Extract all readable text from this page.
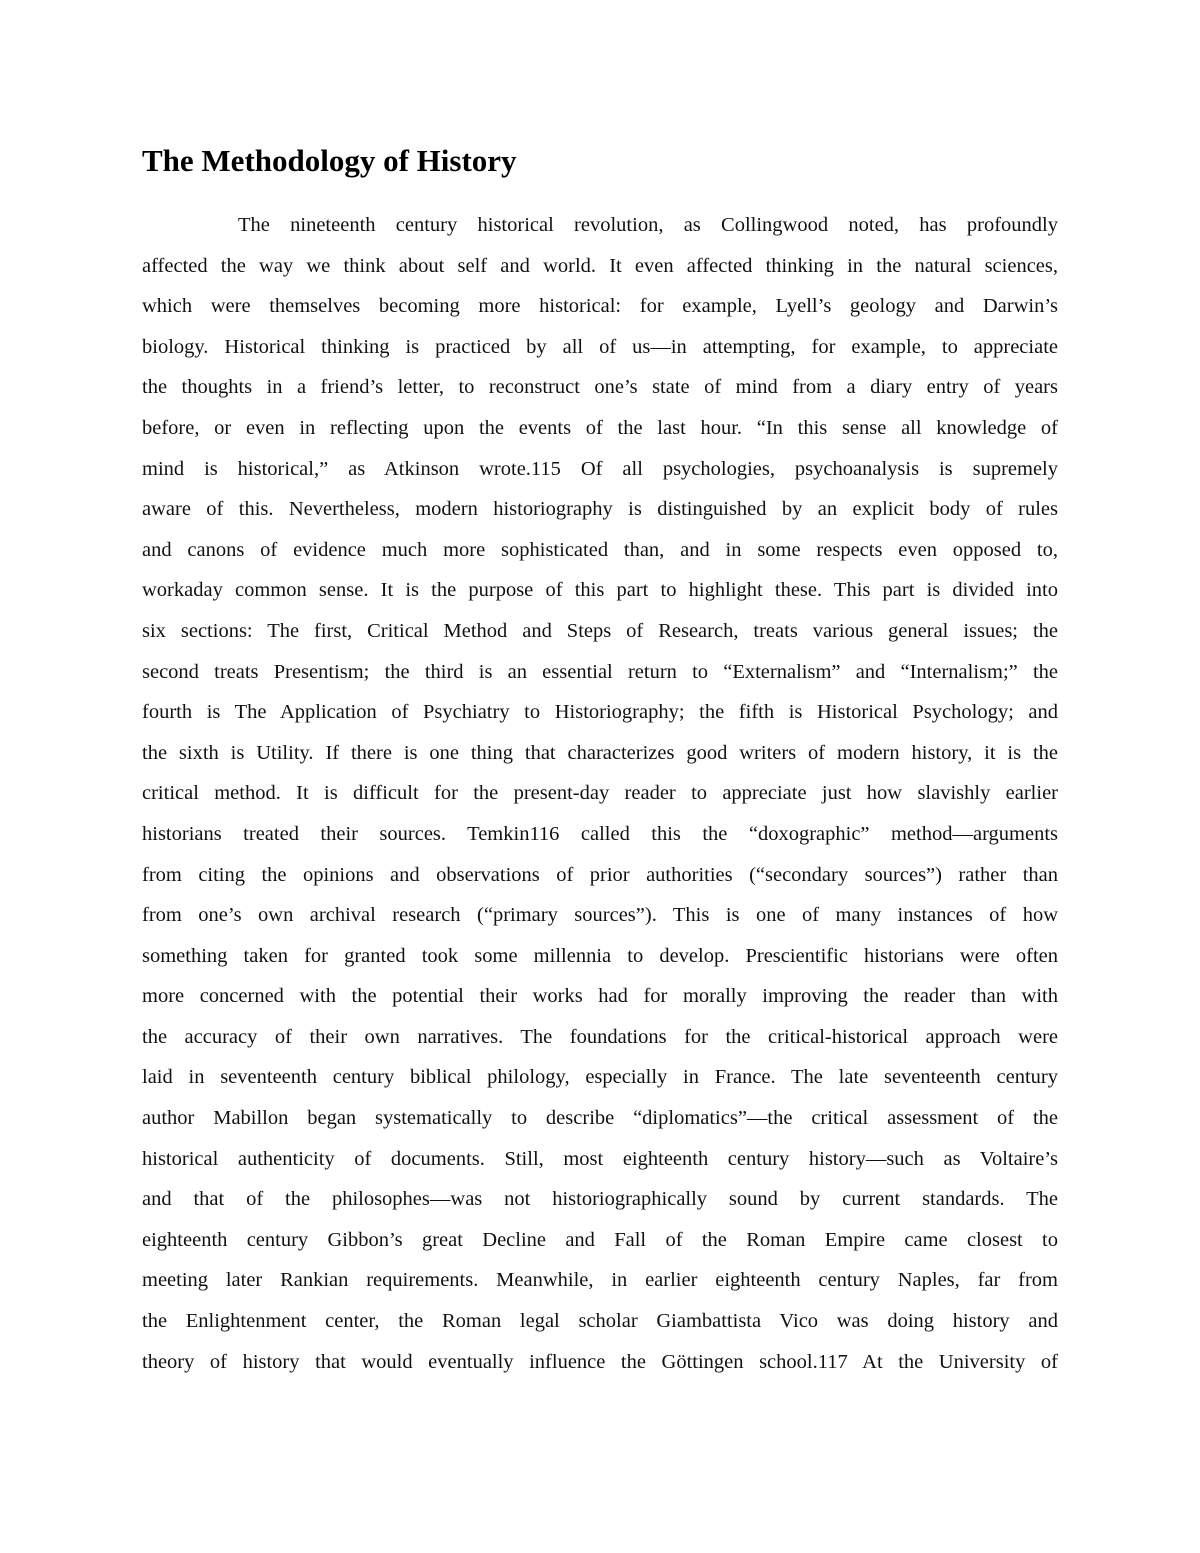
The Methodology of History
The nineteenth century historical revolution, as Collingwood noted, has profoundly
affected the way we think about self and world. It even affected thinking in the natural sciences,
which were themselves becoming more historical: for example, Lyell’s geology and Darwin’s
biology. Historical thinking is practiced by all of us—in attempting, for example, to appreciate
the thoughts in a friend’s letter, to reconstruct one’s state of mind from a diary entry of years
before, or even in reflecting upon the events of the last hour. “In this sense all knowledge of
mind is historical,” as Atkinson wrote.115 Of all psychologies, psychoanalysis is supremely
aware of this. Nevertheless, modern historiography is distinguished by an explicit body of rules
and canons of evidence much more sophisticated than, and in some respects even opposed to,
workaday common sense. It is the purpose of this part to highlight these. This part is divided into
six sections: The first, Critical Method and Steps of Research, treats various general issues; the
second treats Presentism; the third is an essential return to “Externalism” and “Internalism;” the
fourth is The Application of Psychiatry to Historiography; the fifth is Historical Psychology; and
the sixth is Utility. If there is one thing that characterizes good writers of modern history, it is the
critical method. It is difficult for the present-day reader to appreciate just how slavishly earlier
historians treated their sources. Temkin116 called this the “doxographic” method—arguments
from citing the opinions and observations of prior authorities (“secondary sources”) rather than
from one’s own archival research (“primary sources”). This is one of many instances of how
something taken for granted took some millennia to develop. Prescientific historians were often
more concerned with the potential their works had for morally improving the reader than with
the accuracy of their own narratives. The foundations for the critical-historical approach were
laid in seventeenth century biblical philology, especially in France. The late seventeenth century
author Mabillon began systematically to describe “diplomatics”—the critical assessment of the
historical authenticity of documents. Still, most eighteenth century history—such as Voltaire’s
and that of the philosophes—was not historiographically sound by current standards. The
eighteenth century Gibbon’s great Decline and Fall of the Roman Empire came closest to
meeting later Rankian requirements. Meanwhile, in earlier eighteenth century Naples, far from
the Enlightenment center, the Roman legal scholar Giambattista Vico was doing history and
theory of history that would eventually influence the Göttingen school.117 At the University of
